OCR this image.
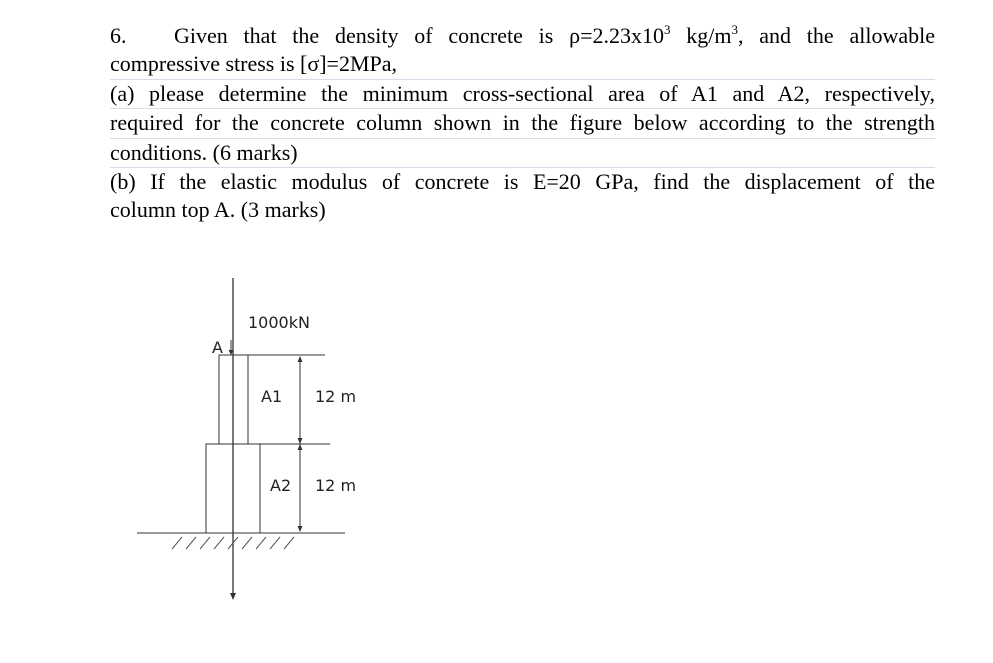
6. Given that the density of concrete is $\rho=2.23x10^3$ $kg/m^3$, and the allowable
compressive stress is [σ]=2MPa,
(a) please determine the minimum cross-sectional area of A1 and A2, respectively,
required for the concrete column shown in the figure below according to the strength
conditions. (6 marks)
(b) If the elastic modulus of concrete is E=20 GPa, find the displacement of the
column top A. (3 marks)
1000kN
A
A1 12 m
A2 12 m
